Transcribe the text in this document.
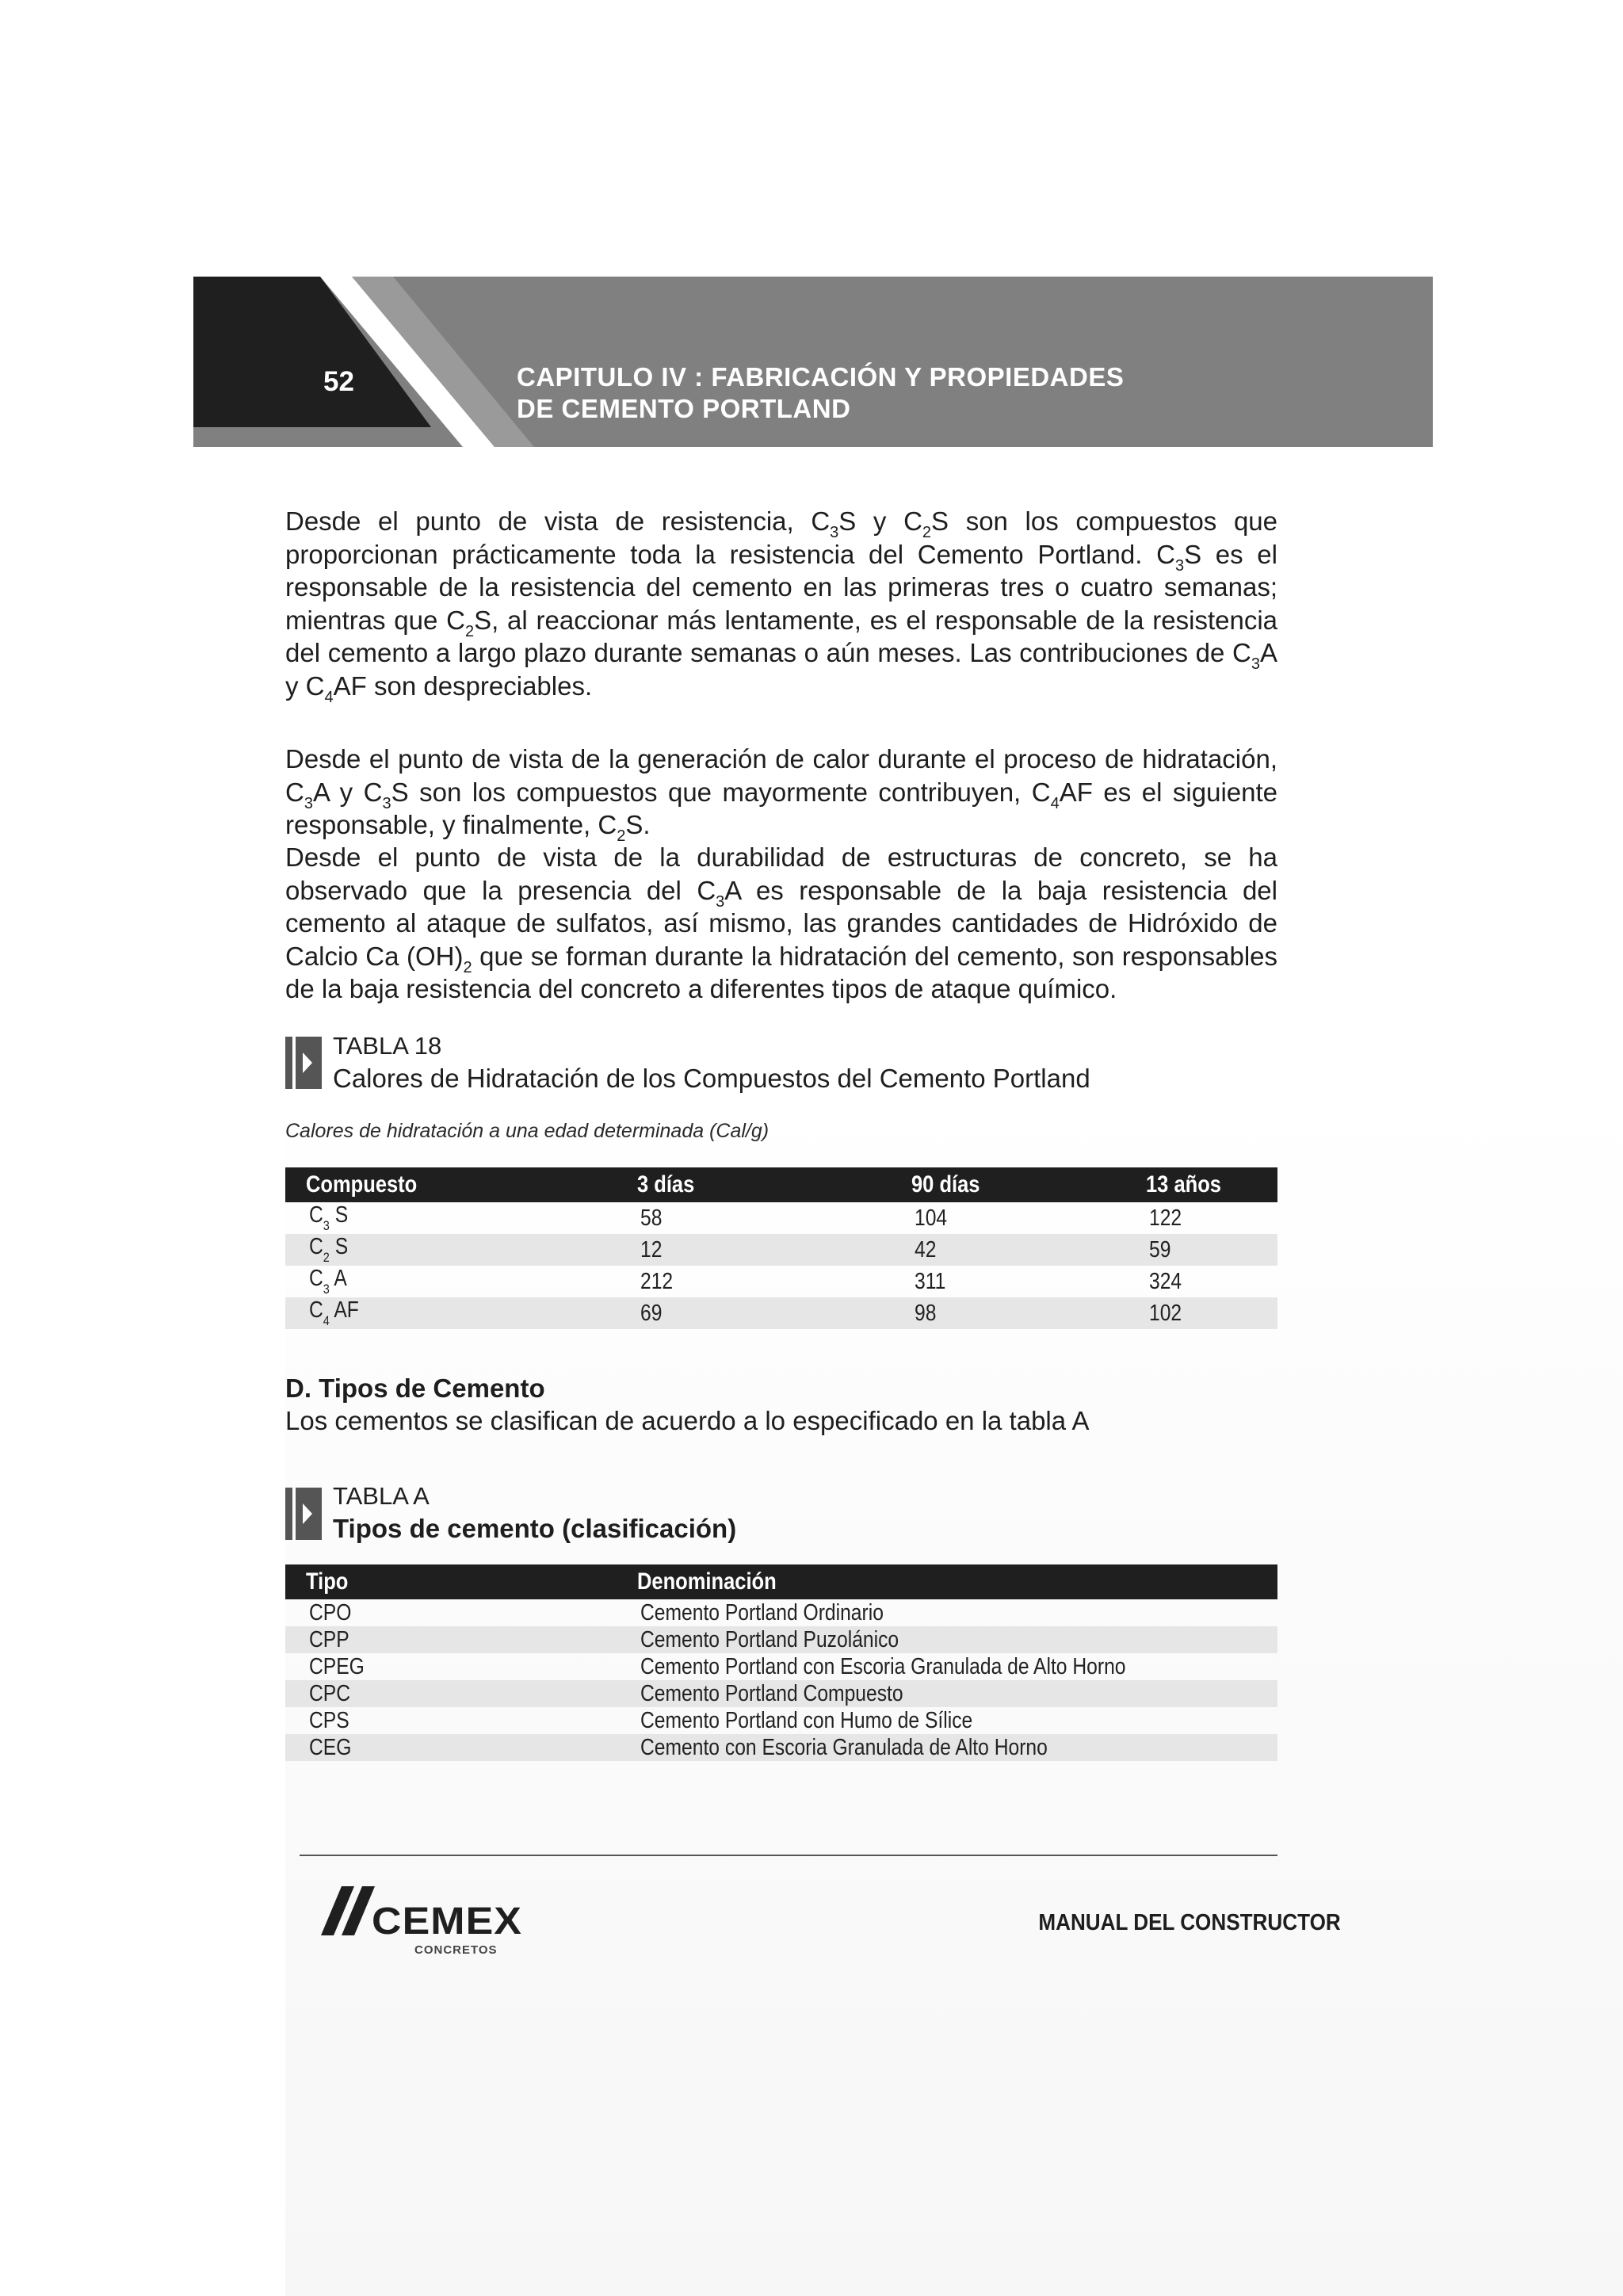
52	CAPITULO IV : FABRICACIÓN Y PROPIEDADES
DE CEMENTO PORTLAND
Desde el punto de vista de resistencia, $C_3S$ y $C_2S$ son los compuestos que proporcionan prácticamente toda la resistencia del Cemento Portland. $C_3S$ es el responsable de la resistencia del cemento en las primeras tres o cuatro semanas; mientras que $C_2S$, al reaccionar más lentamente, es el responsable de la resistencia del cemento a largo plazo durante semanas o aún meses. Las contribuciones de $C_3A$ y $C_4AF$ son despreciables.
Desde el punto de vista de la generación de calor durante el proceso de hidratación, $C_3A$ y $C_3S$ son los compuestos que mayormente contribuyen, $C_4AF$ es el siguiente responsable, y finalmente, $C_2S$.
Desde el punto de vista de la durabilidad de estructuras de concreto, se ha observado que la presencia del $C_3A$ es responsable de la baja resistencia del cemento al ataque de sulfatos, así mismo, las grandes cantidades de Hidróxido de Calcio Ca $(OH)_2$ que se forman durante la hidratación del cemento, son responsables de la baja resistencia del concreto a diferentes tipos de ataque químico.
TABLA 18
Calores de Hidratación de los Compuestos del Cemento Portland
Calores de hidratación a una edad determinada (Cal/g)
Compuesto	3 días	90 días	13 años
$C_3$ S	58	104	122
$C_2$ S	12	42	59
$C_3$ A	212	311	324
$C_4$ AF	69	98	102
D. Tipos de Cemento
Los cementos se clasifican de acuerdo a lo especificado en la tabla A
TABLA A
Tipos de cemento (clasificación)
Tipo	Denominación
CPO	Cemento Portland Ordinario
CPP	Cemento Portland Puzolánico
CPEG	Cemento Portland con Escoria Granulada de Alto Horno
CPC	Cemento Portland Compuesto
CPS	Cemento Portland con Humo de Sílice
CEG	Cemento con Escoria Granulada de Alto Horno
CEMEX
CONCRETOS
MANUAL DEL CONSTRUCTOR
